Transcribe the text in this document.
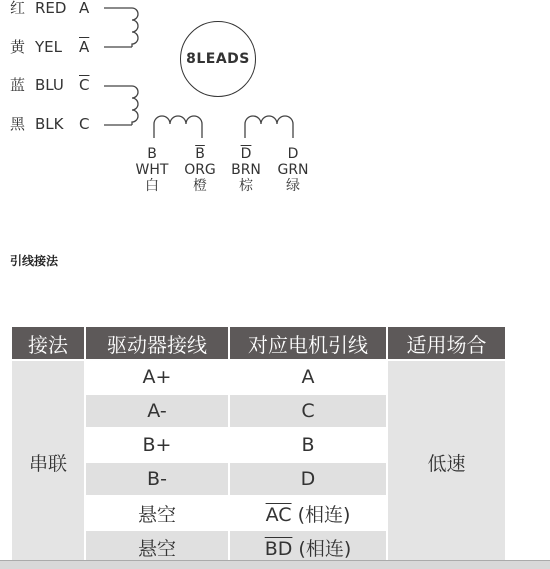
红 RED A
黄 YEL $\overline{A}$
蓝 BLU $\overline{C}$
黑 BLK C
8LEADS
B
WHT
白
$\overline{B}$
ORG
橙
$\overline{D}$
BRN
棕
D
GRN
绿
引线接法
接法	驱动器接线	对应电机引线	适用场合
串联	A+	A	低速
	A-	C	
	B+	B	
	B-	D	
	悬空	$\overline{AC}$ (相连)	
	悬空	$\overline{BD}$ (相连)	
